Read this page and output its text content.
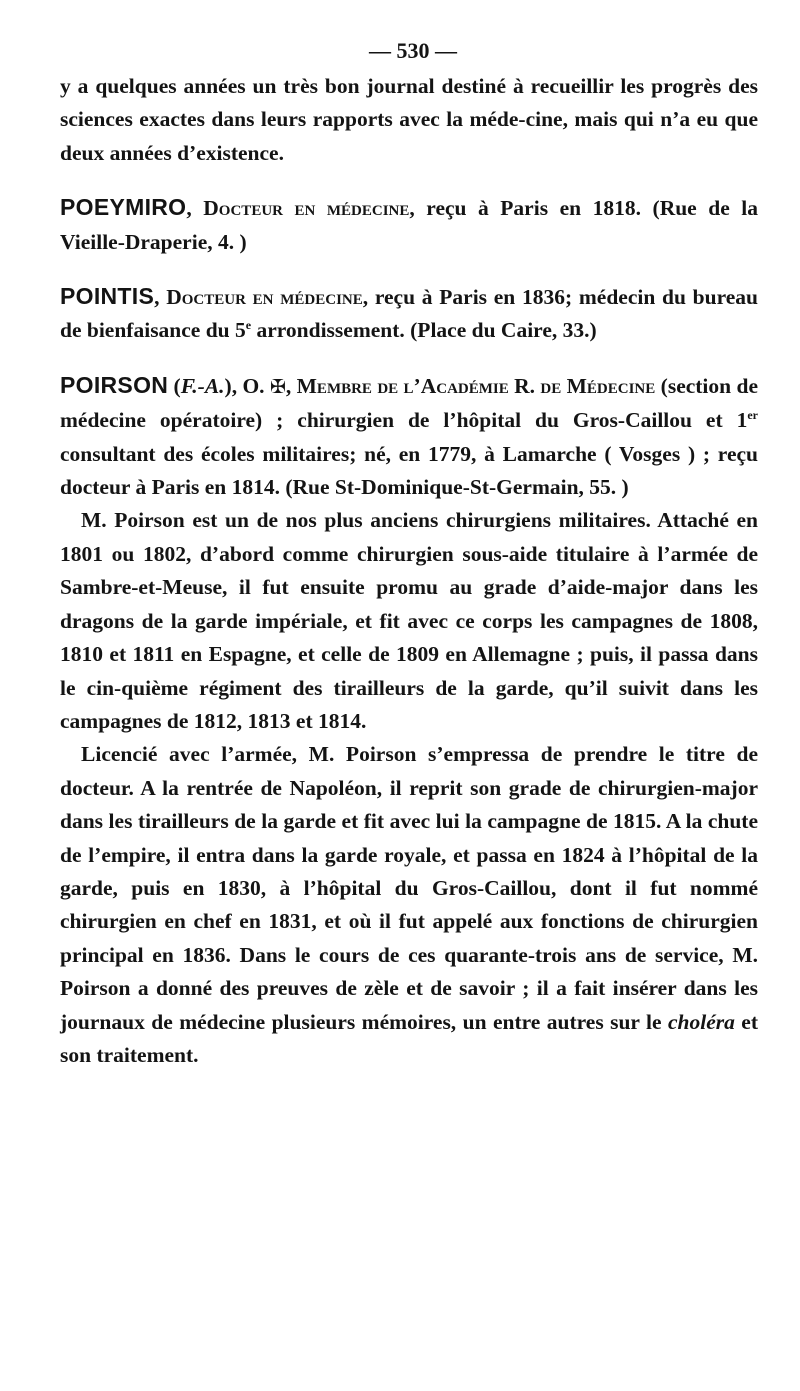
— 530 —

y a quelques années un très bon journal destiné à recueillir les progrès des sciences exactes dans leurs rapports avec la méde-cine, mais qui n’a eu que deux années d’existence.

POEYMIRO, Docteur en médecine, reçu à Paris en 1818. (Rue de la Vieille-Draperie, 4. )

POINTIS, Docteur en médecine, reçu à Paris en 1836; médecin du bureau de bienfaisance du 5e arrondissement. (Place du Caire, 33.)

POIRSON (F.-A.), O. ✠, Membre de l’Académie R. de Médecine (section de médecine opératoire) ; chirurgien de l’hôpital du Gros-Caillou et 1er consultant des écoles militaires; né, en 1779, à Lamarche ( Vosges ) ; reçu docteur à Paris en 1814. (Rue St-Dominique-St-Germain, 55. )

M. Poirson est un de nos plus anciens chirurgiens militaires. Attaché en 1801 ou 1802, d’abord comme chirurgien sous-aide titulaire à l’armée de Sambre-et-Meuse, il fut ensuite promu au grade d’aide-major dans les dragons de la garde impériale, et fit avec ce corps les campagnes de 1808, 1810 et 1811 en Espagne, et celle de 1809 en Allemagne ; puis, il passa dans le cin-quième régiment des tirailleurs de la garde, qu’il suivit dans les campagnes de 1812, 1813 et 1814.

Licencié avec l’armée, M. Poirson s’empressa de prendre le titre de docteur. A la rentrée de Napoléon, il reprit son grade de chirurgien-major dans les tirailleurs de la garde et fit avec lui la campagne de 1815. A la chute de l’empire, il entra dans la garde royale, et passa en 1824 à l’hôpital de la garde, puis en 1830, à l’hôpital du Gros-Caillou, dont il fut nommé chirurgien en chef en 1831, et où il fut appelé aux fonctions de chirurgien principal en 1836. Dans le cours de ces quarante-trois ans de service, M. Poirson a donné des preuves de zèle et de savoir ; il a fait insérer dans les journaux de médecine plusieurs mémoires, un entre autres sur le choléra et son traitement.
